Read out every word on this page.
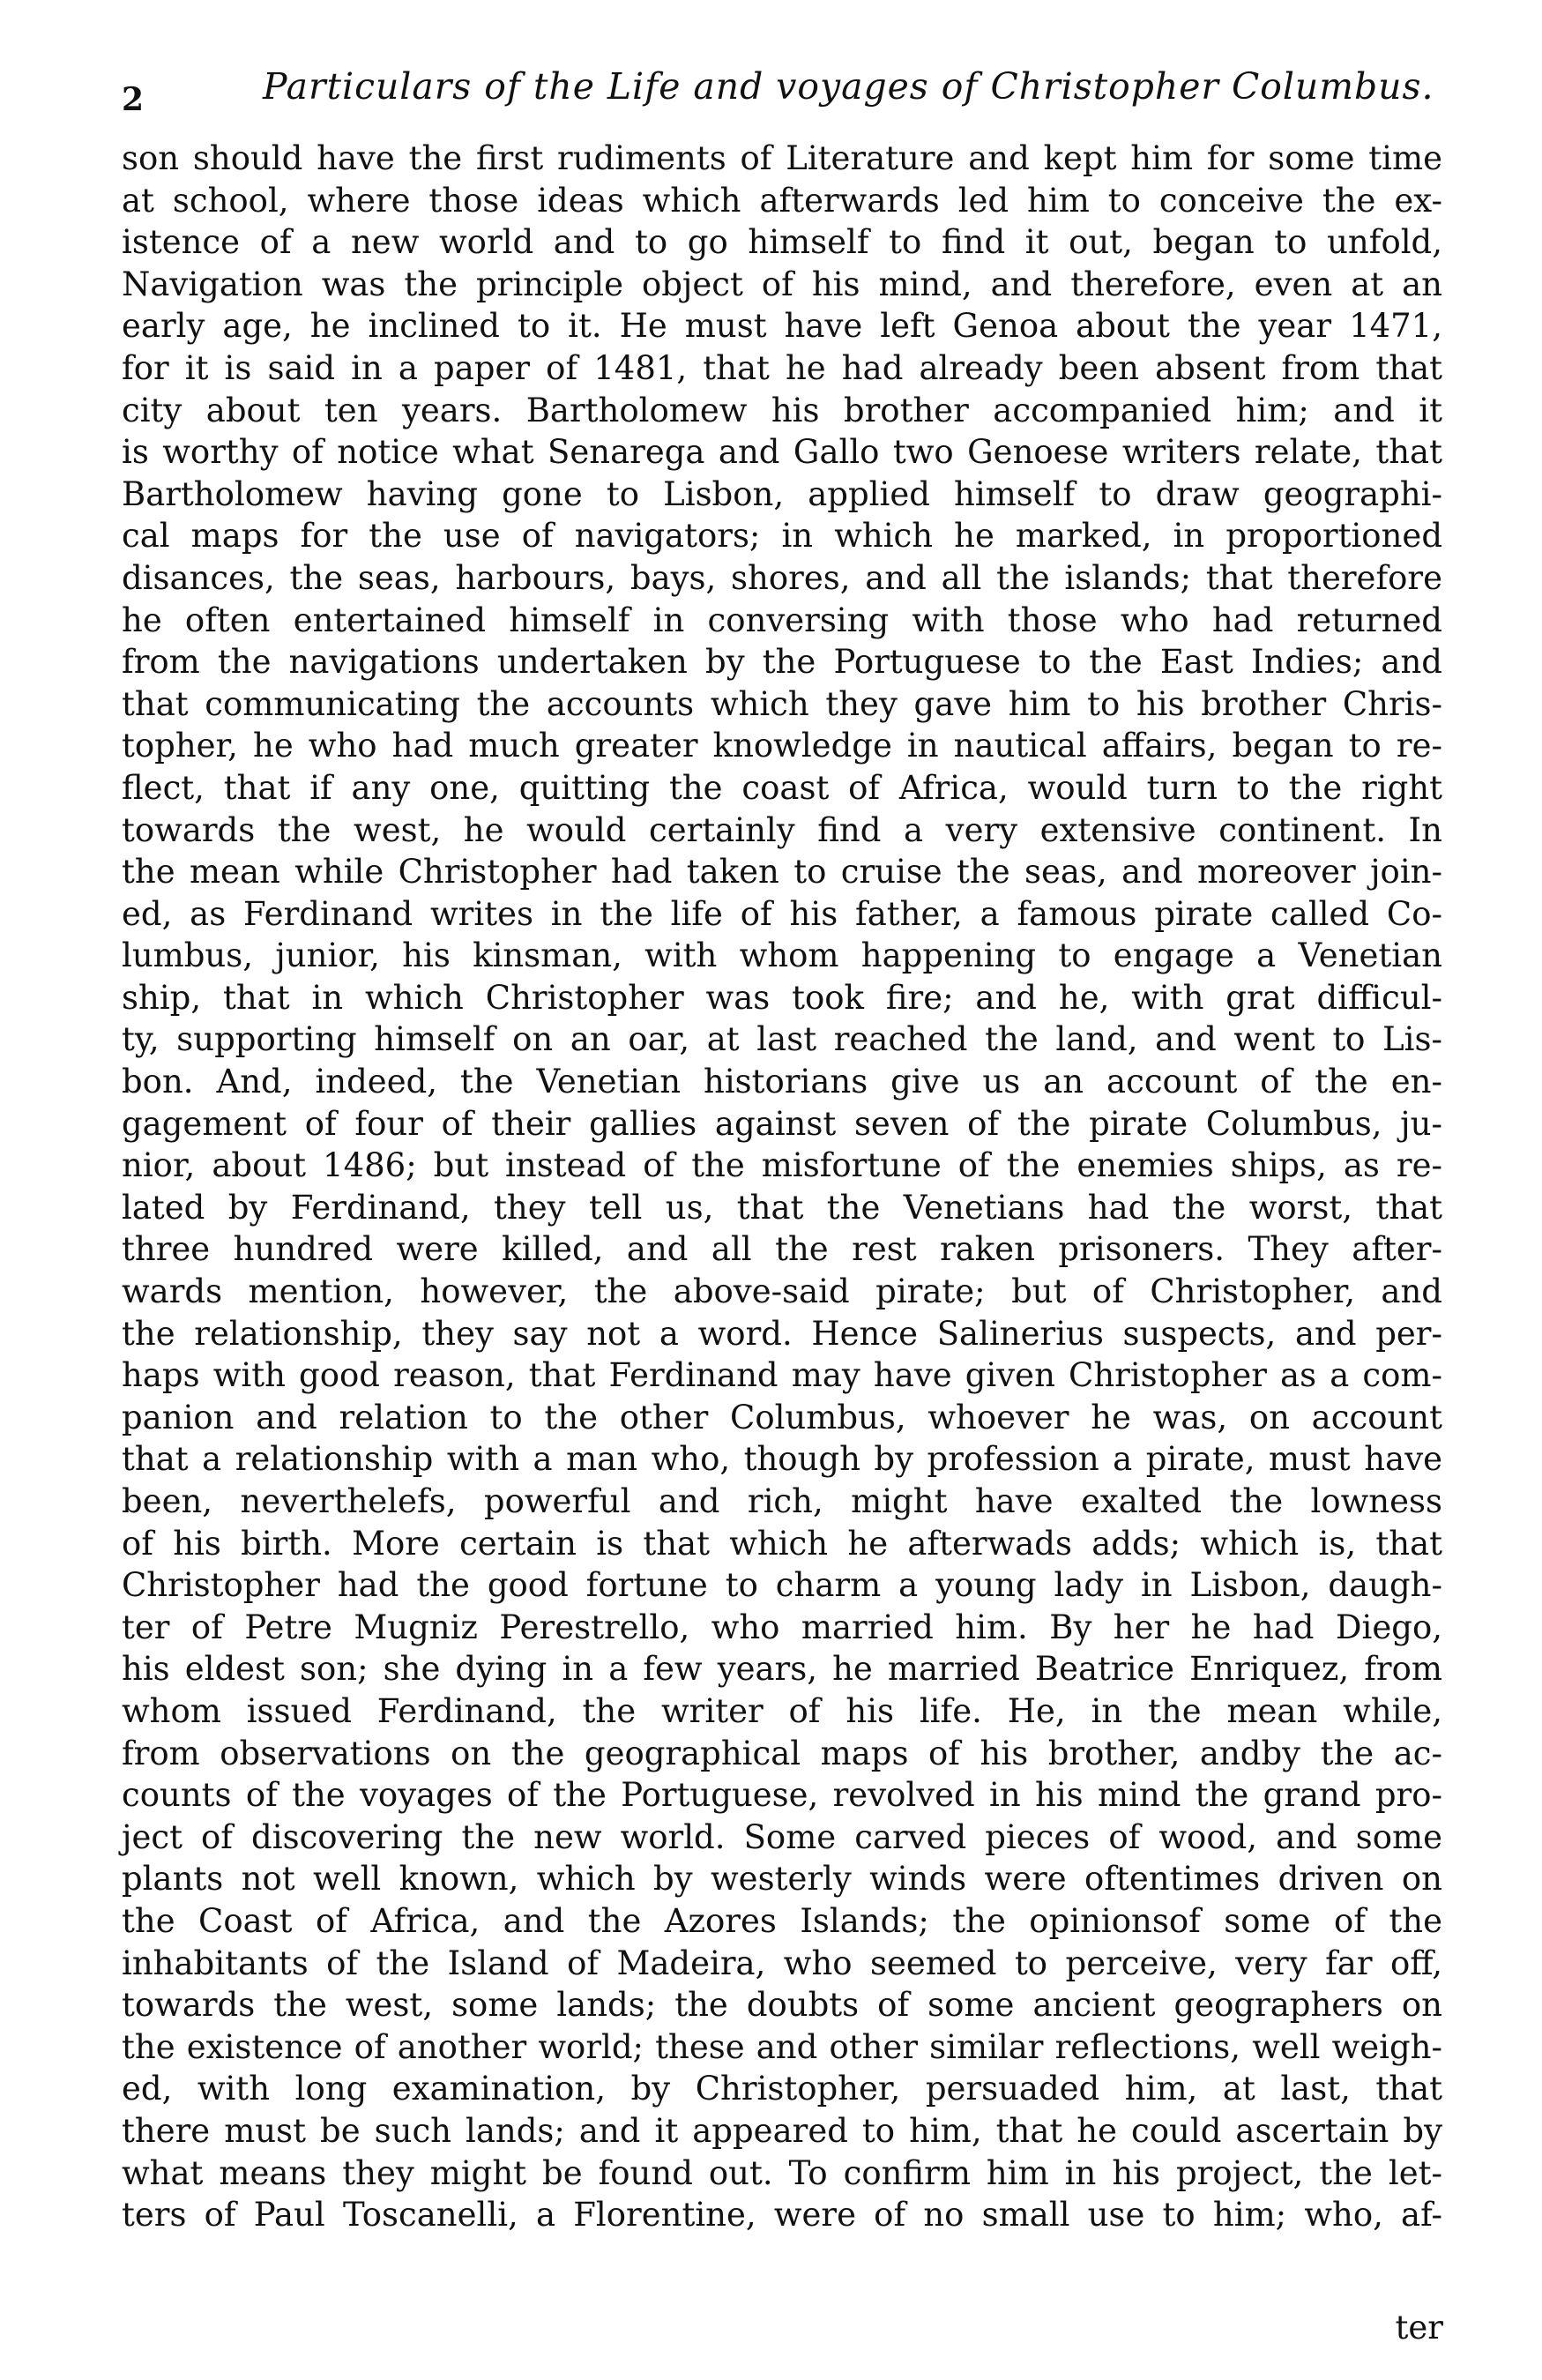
2	Particulars of the Life and voyages of Christopher Columbus.
son should have the first rudiments of Literature and kept him for some time
at school, where those ideas which afterwards led him to conceive the ex-
istence of a new world and to go himself to find it out, began to unfold,
Navigation was the principle object of his mind, and therefore, even at an
early age, he inclined to it. He must have left Genoa about the year 1471,
for it is said in a paper of 1481, that he had already been absent from that
city about ten years. Bartholomew his brother accompanied him; and it
is worthy of notice what Senarega and Gallo two Genoese writers relate, that
Bartholomew having gone to Lisbon, applied himself to draw geographi-
cal maps for the use of navigators; in which he marked, in proportioned
disances, the seas, harbours, bays, shores, and all the islands; that therefore
he often entertained himself in conversing with those who had returned
from the navigations undertaken by the Portuguese to the East Indies; and
that communicating the accounts which they gave him to his brother Chris-
topher, he who had much greater knowledge in nautical affairs, began to re-
flect, that if any one, quitting the coast of Africa, would turn to the right
towards the west, he would certainly find a very extensive continent. In
the mean while Christopher had taken to cruise the seas, and moreover join-
ed, as Ferdinand writes in the life of his father, a famous pirate called Co-
lumbus, junior, his kinsman, with whom happening to engage a Venetian
ship, that in which Christopher was took fire; and he, with grat difficul-
ty, supporting himself on an oar, at last reached the land, and went to Lis-
bon. And, indeed, the Venetian historians give us an account of the en-
gagement of four of their gallies against seven of the pirate Columbus, ju-
nior, about 1486; but instead of the misfortune of the enemies ships, as re-
lated by Ferdinand, they tell us, that the Venetians had the worst, that
three hundred were killed, and all the rest raken prisoners. They after-
wards mention, however, the above-said pirate; but of Christopher, and
the relationship, they say not a word. Hence Salinerius suspects, and per-
haps with good reason, that Ferdinand may have given Christopher as a com-
panion and relation to the other Columbus, whoever he was, on account
that a relationship with a man who, though by profession a pirate, must have
been, neverthelefs, powerful and rich, might have exalted the lowness
of his birth. More certain is that which he afterwads adds; which is, that
Christopher had the good fortune to charm a young lady in Lisbon, daugh-
ter of Petre Mugniz Perestrello, who married him. By her he had Diego,
his eldest son; she dying in a few years, he married Beatrice Enriquez, from
whom issued Ferdinand, the writer of his life. He, in the mean while,
from observations on the geographical maps of his brother, andby the ac-
counts of the voyages of the Portuguese, revolved in his mind the grand pro-
ject of discovering the new world. Some carved pieces of wood, and some
plants not well known, which by westerly winds were oftentimes driven on
the Coast of Africa, and the Azores Islands; the opinionsof some of the
inhabitants of the Island of Madeira, who seemed to perceive, very far off,
towards the west, some lands; the doubts of some ancient geographers on
the existence of another world; these and other similar reflections, well weigh-
ed, with long examination, by Christopher, persuaded him, at last, that
there must be such lands; and it appeared to him, that he could ascertain by
what means they might be found out. To confirm him in his project, the let-
ters of Paul Toscanelli, a Florentine, were of no small use to him; who, af-
ter
